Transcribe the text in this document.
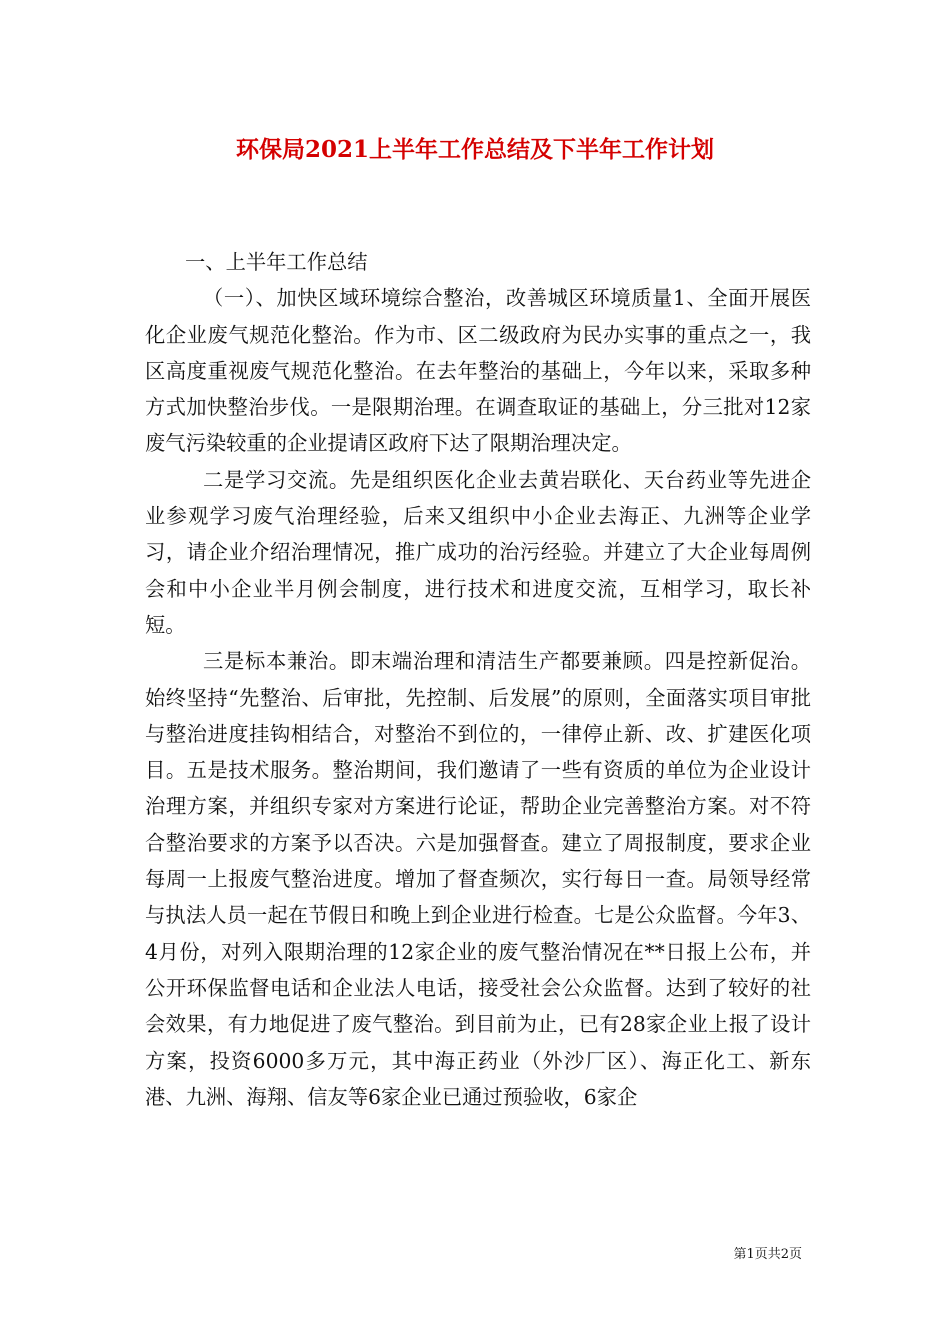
环保局2021上半年工作总结及下半年工作计划

一、上半年工作总结

（一）、加快区域环境综合整治，改善城区环境质量1、全面开展医化企业废气规范化整治。作为市、区二级政府为民办实事的重点之一，我区高度重视废气规范化整治。在去年整治的基础上，今年以来，采取多种方式加快整治步伐。一是限期治理。在调查取证的基础上，分三批对12家废气污染较重的企业提请区政府下达了限期治理决定。

二是学习交流。先是组织医化企业去黄岩联化、天台药业等先进企业参观学习废气治理经验，后来又组织中小企业去海正、九洲等企业学习，请企业介绍治理情况，推广成功的治污经验。并建立了大企业每周例会和中小企业半月例会制度，进行技术和进度交流，互相学习，取长补短。

三是标本兼治。即末端治理和清洁生产都要兼顾。四是控新促治。始终坚持“先整治、后审批，先控制、后发展”的原则，全面落实项目审批与整治进度挂钩相结合，对整治不到位的，一律停止新、改、扩建医化项目。五是技术服务。整治期间，我们邀请了一些有资质的单位为企业设计治理方案，并组织专家对方案进行论证，帮助企业完善整治方案。对不符合整治要求的方案予以否决。六是加强督查。建立了周报制度，要求企业每周一上报废气整治进度。增加了督查频次，实行每日一查。局领导经常与执法人员一起在节假日和晚上到企业进行检查。七是公众监督。今年3、4月份，对列入限期治理的12家企业的废气整治情况在**日报上公布，并公开环保监督电话和企业法人电话，接受社会公众监督。达到了较好的社会效果，有力地促进了废气整治。到目前为止，已有28家企业上报了设计方案，投资6000多万元，其中海正药业（外沙厂区）、海正化工、新东港、九洲、海翔、信友等6家企业已通过预验收，6家企

第1页共2页
